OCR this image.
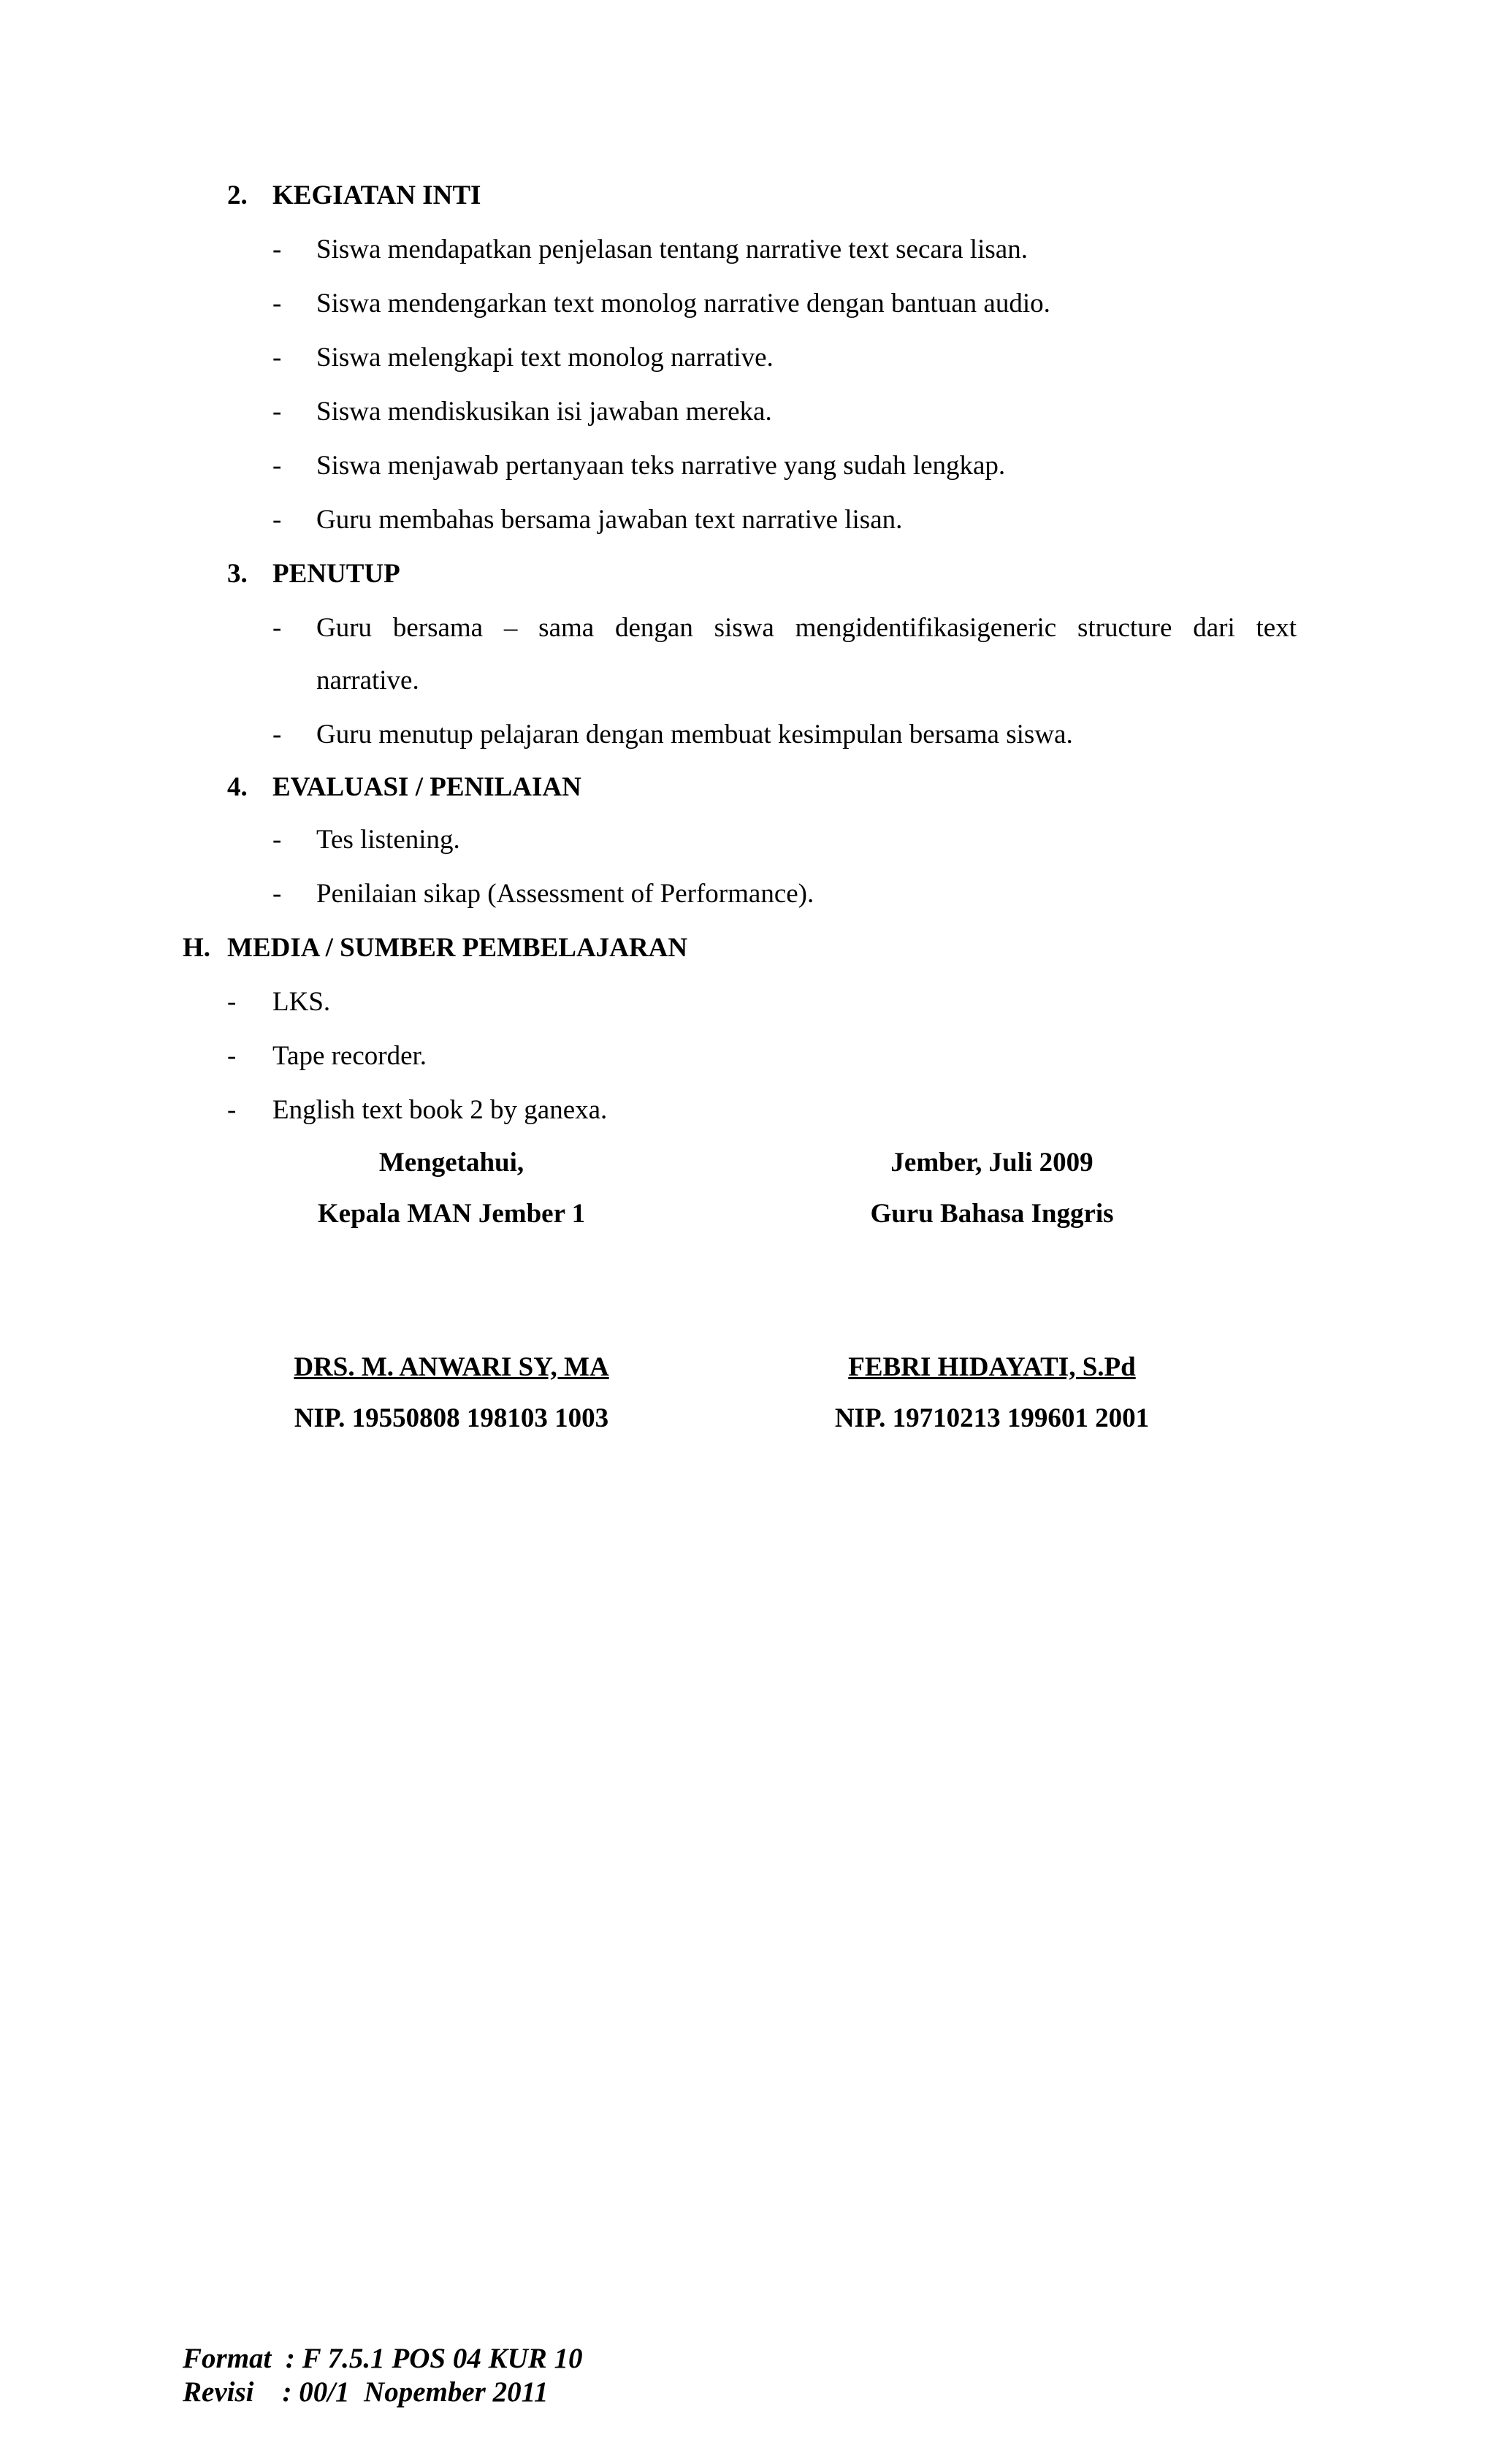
2. KEGIATAN INTI
- Siswa mendapatkan penjelasan tentang narrative text secara lisan.
- Siswa mendengarkan text monolog narrative dengan bantuan audio.
- Siswa melengkapi text monolog narrative.
- Siswa mendiskusikan isi jawaban mereka.
- Siswa menjawab pertanyaan teks narrative yang sudah lengkap.
- Guru membahas bersama jawaban text narrative lisan.
3. PENUTUP
- Guru bersama – sama dengan siswa mengidentifikasigeneric structure dari text
narrative.
- Guru menutup pelajaran dengan membuat kesimpulan bersama siswa.
4. EVALUASI / PENILAIAN
- Tes listening.
- Penilaian sikap (Assessment of Performance).
H. MEDIA / SUMBER PEMBELAJARAN
- LKS.
- Tape recorder.
- English text book 2 by ganexa.
Mengetahui,	Jember, Juli 2009
Kepala MAN Jember 1	Guru Bahasa Inggris
DRS. M. ANWARI SY, MA	FEBRI HIDAYATI, S.Pd
NIP. 19550808 198103 1003	NIP. 19710213 199601 2001
Format  : F 7.5.1 POS 04 KUR 10
Revisi    : 00/1  Nopember 2011
